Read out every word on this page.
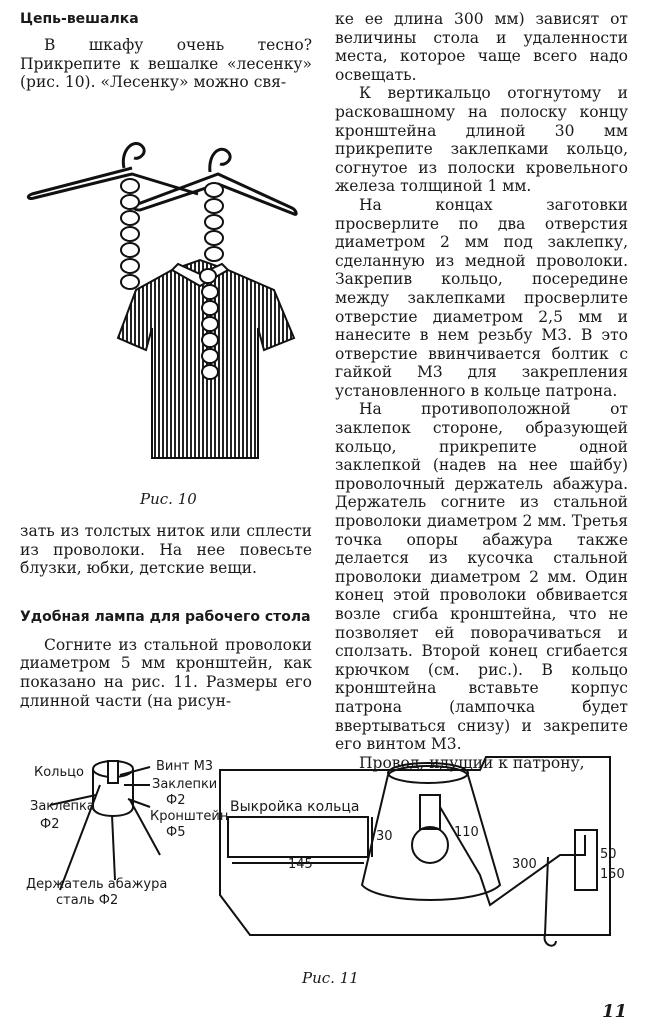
Цепь-вешалка

В шкафу очень тесно? Прикрепите к вешалке «лесенку» (рис. 10). «Лесенку» можно свя-

Рис. 10

зать из толстых ниток или сплести из проволоки. На нее повесьте блузки, юбки, детские вещи.

Удобная лампа для рабочего стола

Согните из стальной проволоки диаметром 5 мм кронштейн, как показано на рис. 11. Размеры его длинной части (на рисун-

ке ее длина 300 мм) зависят от величины стола и удаленности места, которое чаще всего надо освещать.

К вертикальцо отогнутому и расковашному на полоску концу кронштейна длиной 30 мм прикрепите заклепками кольцо, согнутое из полоски кровельного железа толщиной 1 мм.

На концах заготовки просверлите по два отверстия диаметром 2 мм под заклепку, сделанную из медной проволоки. Закрепив кольцо, посередине между заклепками просверлите отверстие диаметром 2,5 мм и нанесите в нем резьбу М3. В это отверстие ввинчивается болтик с гайкой М3 для закрепления установленного в кольце патрона.

На противоположной от заклепок стороне, образующей кольцо, прикрепите одной заклепкой (надев на нее шайбу) проволочный держатель абажура. Держатель согните из стальной проволоки диаметром 2 мм. Третья точка опоры абажура также делается из кусочка стальной проволоки диаметром 2 мм. Один конец этой проволоки обвивается возле сгиба кронштейна, что не позволяет ей поворачиваться и сползать. Второй конец сгибается крючком (см. рис.). В кольцо кронштейна вставьте корпус патрона (лампочка будет ввертываться снизу) и закрепите его винтом М3.

Провод, идущий к патрону,

Кольцо	Винт М3
Заклепки
Ф2
Заклепка
Ф2
Кронштейн
Ф5
Держатель абажура
сталь Ф2
Выкройка кольца
145
30	110
300
50
150
Рис. 11
11
